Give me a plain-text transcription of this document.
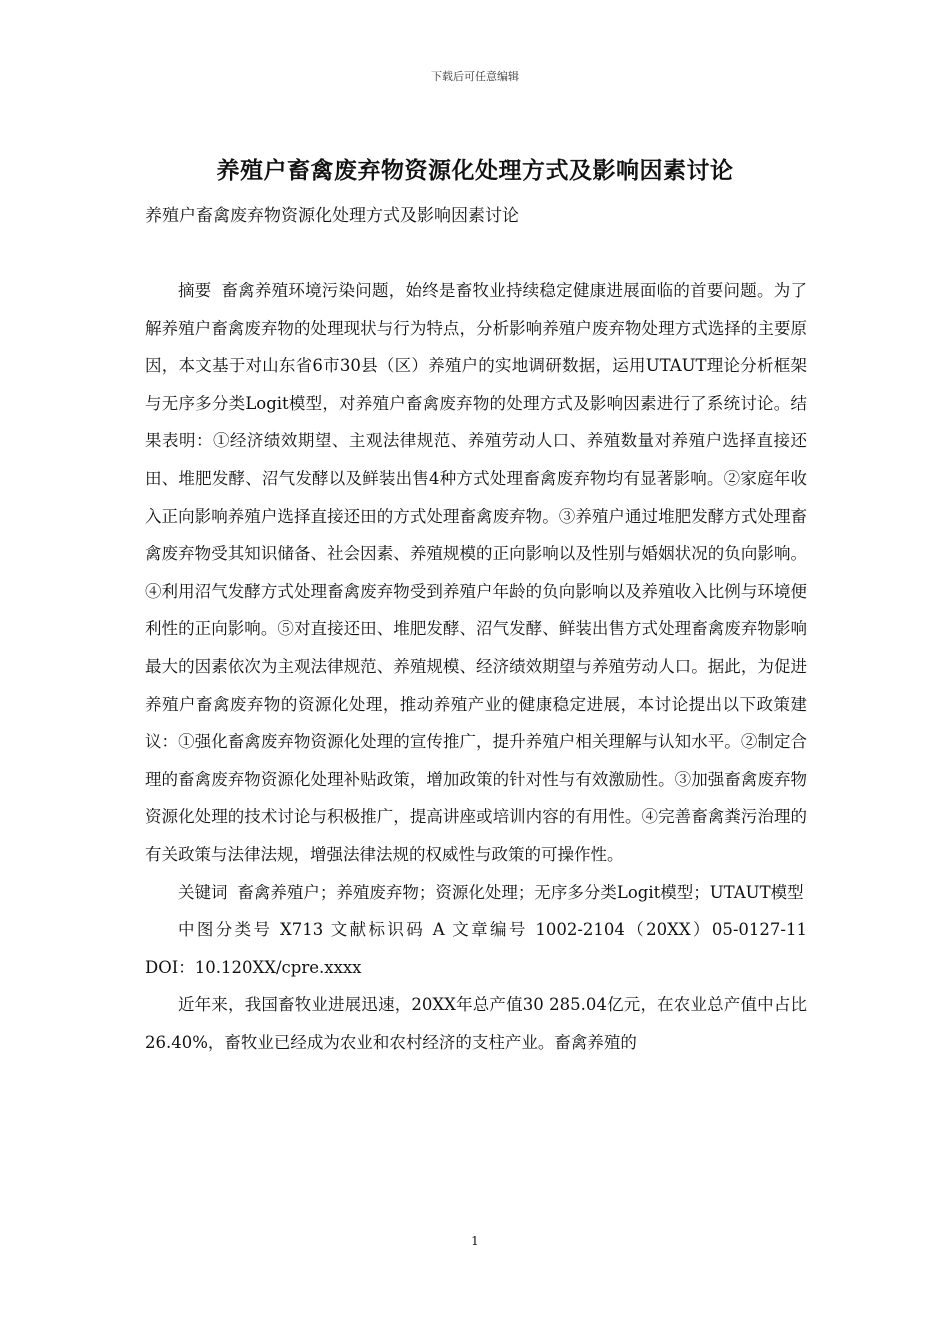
下载后可任意编辑
养殖户畜禽废弃物资源化处理方式及影响因素讨论
养殖户畜禽废弃物资源化处理方式及影响因素讨论

摘要 畜禽养殖环境污染问题，始终是畜牧业持续稳定健康进展面临的首要问题。为了解养殖户畜禽废弃物的处理现状与行为特点，分析影响养殖户废弃物处理方式选择的主要原因，本文基于对山东省6市30县（区）养殖户的实地调研数据，运用UTAUT理论分析框架与无序多分类Logit模型，对养殖户畜禽废弃物的处理方式及影响因素进行了系统讨论。结果表明：①经济绩效期望、主观法律规范、养殖劳动人口、养殖数量对养殖户选择直接还田、堆肥发酵、沼气发酵以及鲜装出售4种方式处理畜禽废弃物均有显著影响。②家庭年收入正向影响养殖户选择直接还田的方式处理畜禽废弃物。③养殖户通过堆肥发酵方式处理畜禽废弃物受其知识储备、社会因素、养殖规模的正向影响以及性别与婚姻状况的负向影响。④利用沼气发酵方式处理畜禽废弃物受到养殖户年龄的负向影响以及养殖收入比例与环境便利性的正向影响。⑤对直接还田、堆肥发酵、沼气发酵、鲜装出售方式处理畜禽废弃物影响最大的因素依次为主观法律规范、养殖规模、经济绩效期望与养殖劳动人口。据此，为促进养殖户畜禽废弃物的资源化处理，推动养殖产业的健康稳定进展，本讨论提出以下政策建议：①强化畜禽废弃物资源化处理的宣传推广，提升养殖户相关理解与认知水平。②制定合理的畜禽废弃物资源化处理补贴政策，增加政策的针对性与有效激励性。③加强畜禽废弃物资源化处理的技术讨论与积极推广，提高讲座或培训内容的有用性。④完善畜禽粪污治理的有关政策与法律法规，增强法律法规的权威性与政策的可操作性。

关键词 畜禽养殖户；养殖废弃物；资源化处理；无序多分类Logit模型；UTAUT模型

中图分类号 X713 文献标识码 A 文章编号 1002-2104（20XX）05-0127-11 DOI：10.120XX/cpre.xxxx

近年来，我国畜牧业进展迅速，20XX年总产值30 285.04亿元，在农业总产值中占比26.40%，畜牧业已经成为农业和农村经济的支柱产业。畜禽养殖的

1
